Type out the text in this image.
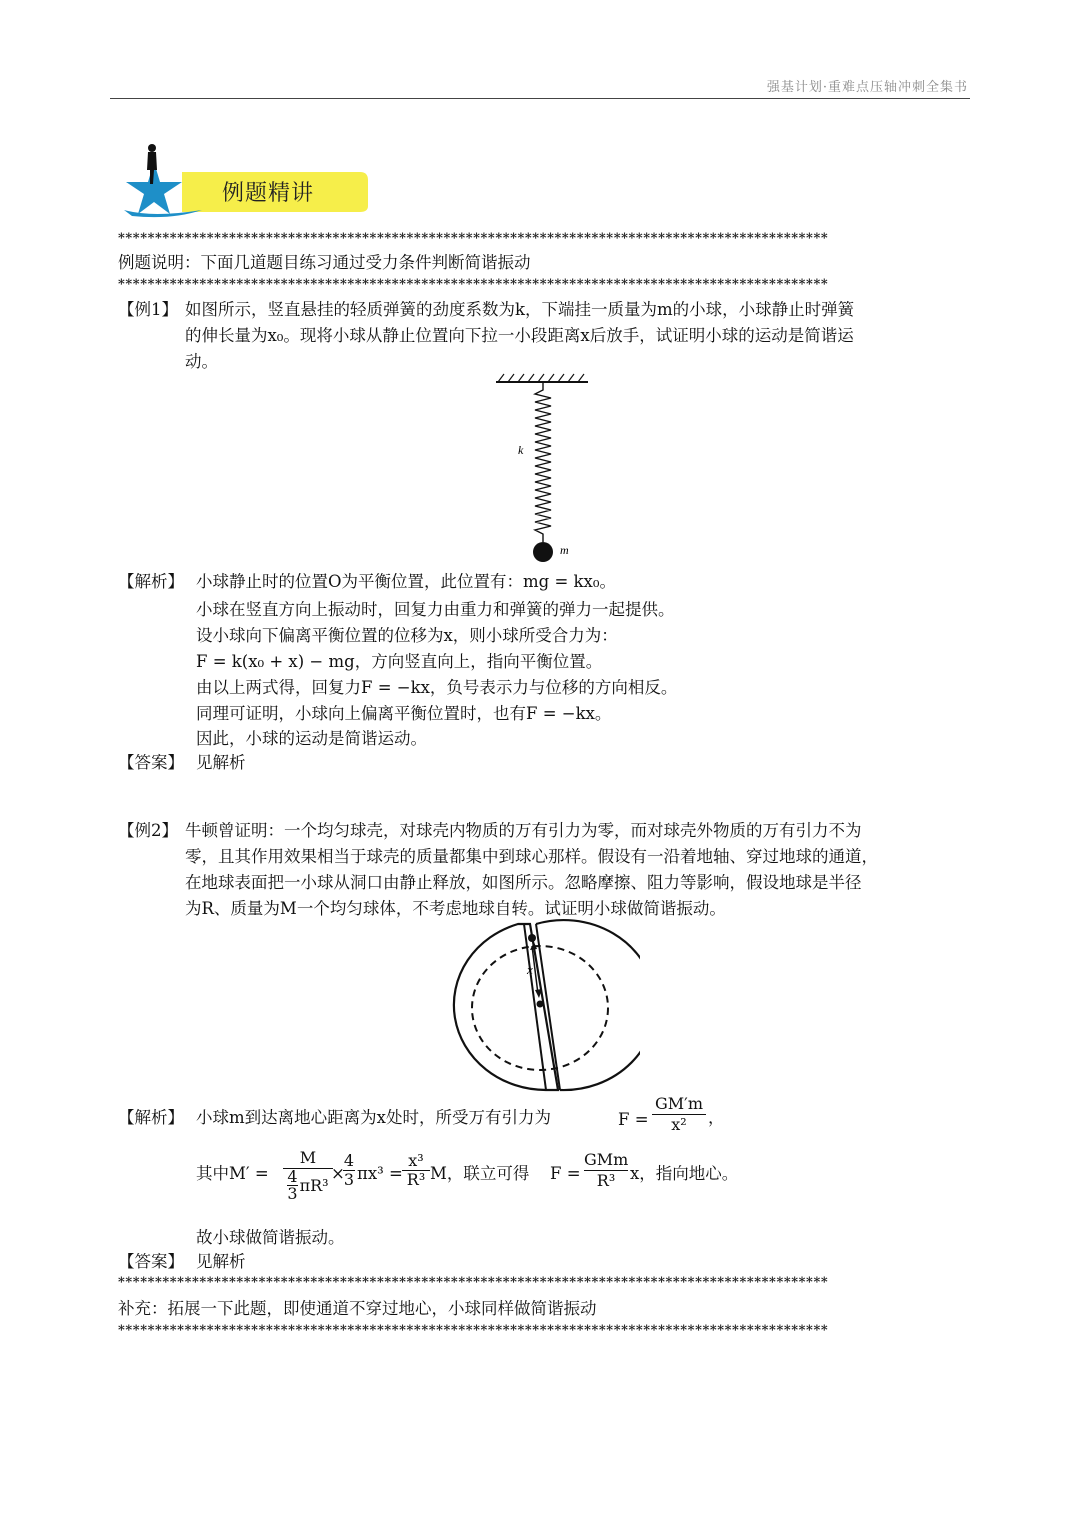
强基计划·重难点压轴冲刺全集书
例题精讲
************************************************************************************************
例题说明：下面几道题目练习通过受力条件判断简谐振动
************************************************************************************************
【例1】 如图所示，竖直悬挂的轻质弹簧的劲度系数为k，下端挂一质量为m的小球，小球静止时弹簧
的伸长量为x₀。现将小球从静止位置向下拉一小段距离x后放手，试证明小球的运动是简谐运
动。
k
m
【解析】 小球静止时的位置O为平衡位置，此位置有：mg = kx₀。
小球在竖直方向上振动时，回复力由重力和弹簧的弹力一起提供。
设小球向下偏离平衡位置的位移为x，则小球所受合力为：
F = k(x₀ + x) − mg，方向竖直向上，指向平衡位置。
由以上两式得，回复力F = −kx，负号表示力与位移的方向相反。
同理可证明，小球向上偏离平衡位置时，也有F = −kx。
因此，小球的运动是简谐运动。
【答案】 见解析
【例2】 牛顿曾证明：一个均匀球壳，对球壳内物质的万有引力为零，而对球壳外物质的万有引力不为
零，且其作用效果相当于球壳的质量都集中到球心那样。假设有一沿着地轴、穿过地球的通道，
在地球表面把一小球从洞口由静止释放，如图所示。忽略摩擦、阻力等影响，假设地球是半径
为R、质量为M一个均匀球体，不考虑地球自转。试证明小球做简谐振动。
x
【解析】 小球m到达离地心距离为x处时，所受万有引力为	$F = \frac{GM'm}{\text{x²}}$ ，
其中M′ =
M
4
3 πR³
×
4
3 πx³ =
x³
R³ M，联立可得 F =
GMm
R³ x，指向地心。
故小球做简谐振动。
【答案】 见解析
************************************************************************************************
补充：拓展一下此题，即使通道不穿过地心，小球同样做简谐振动
************************************************************************************************
